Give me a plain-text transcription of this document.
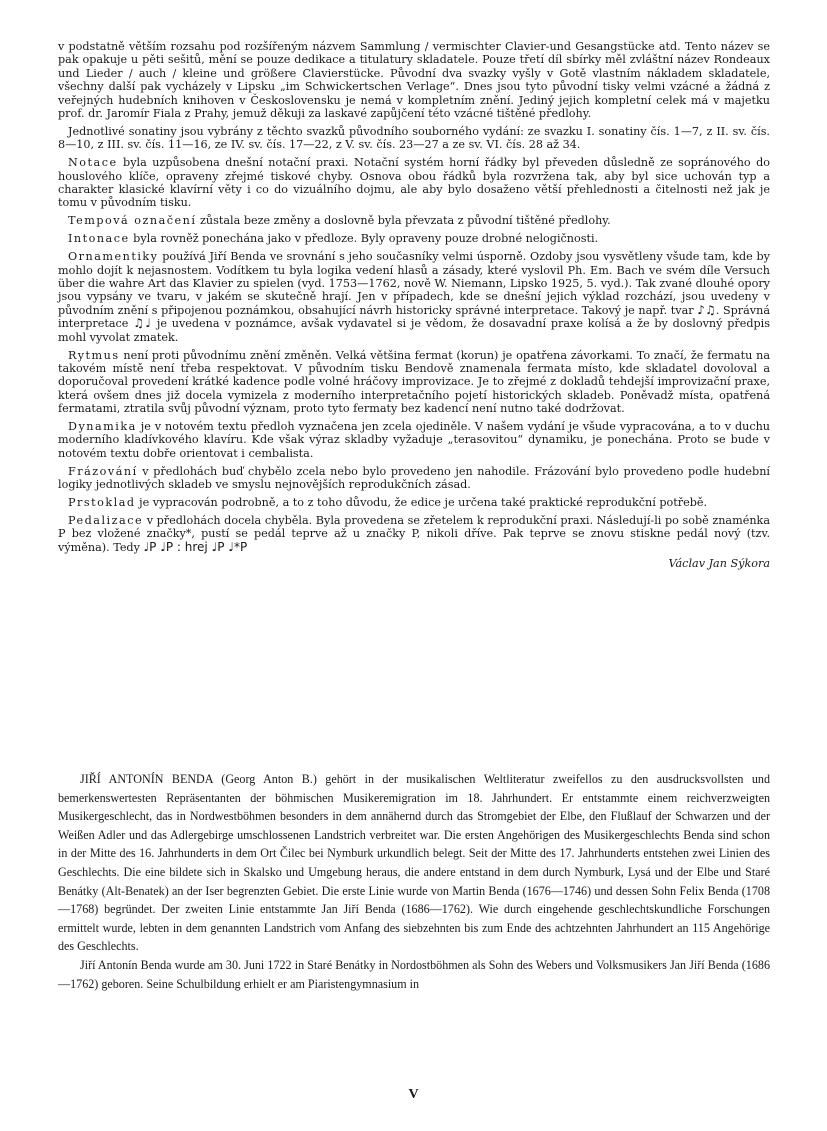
v podstatně větším rozsahu pod rozšířeným názvem Sammlung / vermischter Clavier-und Gesangstücke atd. Tento název se pak opakuje u pěti sešitů, mění se pouze dedikace a titulatury skladatele. Pouze třetí díl sbírky měl zvláštní název Rondeaux und Lieder / auch / kleine und größere Clavierstücke. Původní dva svazky vyšly v Gotě vlastním nákladem skladatele, všechny další pak vycházely v Lipsku „im Schwickertschen Verlage“. Dnes jsou tyto původní tisky velmi vzácné a žádná z veřejných hudebních knihoven v Československu je nemá v kompletním znění. Jediný jejich kompletní celek má v majetku prof. dr. Jaromír Fiala z Prahy, jemuž děkuji za laskavé zapůjčení této vzácné tištěné předlohy.

Jednotlivé sonatiny jsou vybrány z těchto svazků původního souborného vydání: ze svazku I. sonatiny čís. 1—7, z II. sv. čís. 8—10, z III. sv. čís. 11—16, ze IV. sv. čís. 17—22, z V. sv. čís. 23—27 a ze sv. VI. čís. 28 až 34.

Notace byla uzpůsobena dnešní notační praxi. Notační systém horní řádky byl převeden důsledně ze sopránového do houslového klíče, opraveny zřejmé tiskové chyby. Osnova obou řádků byla rozvržena tak, aby byl sice uchován typ a charakter klasické klavírní věty i co do vizuálního dojmu, ale aby bylo dosaženo větší přehlednosti a čitelnosti než jak je tomu v původním tisku.

Tempová označení zůstala beze změny a doslovně byla převzata z původní tištěné předlohy.

Intonace byla rovněž ponechána jako v předloze. Byly opraveny pouze drobné nelogičnosti.

Ornamentiky používá Jiří Benda ve srovnání s jeho současníky velmi úsporně. Ozdoby jsou vysvětleny všude tam, kde by mohlo dojít k nejasnostem. Vodítkem tu byla logika vedení hlasů a zásady, které vyslovil Ph. Em. Bach ve svém díle Versuch über die wahre Art das Klavier zu spielen (vyd. 1753—1762, nově W. Niemann, Lipsko 1925, 5. vyd.). Tak zvané dlouhé opory jsou vypsány ve tvaru, v jakém se skutečně hrají. Jen v případech, kde se dnešní jejich výklad rozchází, jsou uvedeny v původním znění s připojenou poznámkou, obsahující návrh historicky správné interpretace. Takový je např. tvar ♪♫. Správná interpretace ♫♩ je uvedena v poznámce, avšak vydavatel si je vědom, že dosavadní praxe kolísá a že by doslovný předpis mohl vyvolat zmatek.

Rytmus není proti původnímu znění změněn. Velká většina fermat (korun) je opatřena závorkami. To značí, že fermatu na takovém místě není třeba respektovat. V původním tisku Bendově znamenala fermata místo, kde skladatel dovoloval a doporučoval provedení krátké kadence podle volné hráčovy improvizace. Je to zřejmé z dokladů tehdejší improvizační praxe, která ovšem dnes již docela vymizela z moderního interpretačního pojetí historických skladeb. Poněvadž místa, opatřená fermatami, ztratila svůj původní význam, proto tyto fermaty bez kadencí není nutno také dodržovat.

Dynamika je v notovém textu předloh vyznačena jen zcela ojediněle. V našem vydání je všude vypracována, a to v duchu moderního kladívkového klavíru. Kde však výraz skladby vyžaduje „terasovitou“ dynamiku, je ponechána. Proto se bude v notovém textu dobře orientovat i cembalista.

Frázování v předlohách buď chybělo zcela nebo bylo provedeno jen nahodile. Frázování bylo provedeno podle hudební logiky jednotlivých skladeb ve smyslu nejnovějších reprodukčních zásad.

Prstoklad je vypracován podrobně, a to z toho důvodu, že edice je určena také praktické reprodukční potřebě.

Pedalizace v předlohách docela chyběla. Byla provedena se zřetelem k reprodukční praxi. Následují-li po sobě znaménka P bez vložené značky*, pustí se pedál teprve až u značky P, nikoli dříve. Pak teprve se znovu stiskne pedál nový (tzv. výměna). Tedy ♩P ♩P : hrej ♩P ♩*P

Václav Jan Sýkora

JIŘÍ ANTONÍN BENDA (Georg Anton B.) gehört in der musikalischen Weltliteratur zweifellos zu den ausdrucksvollsten und bemerkenswertesten Repräsentanten der böhmischen Musikeremigration im 18. Jahrhundert. Er entstammte einem reichverzweigten Musikergeschlecht, das in Nordwestböhmen besonders in dem annähernd durch das Stromgebiet der Elbe, den Flußlauf der Schwarzen und der Weißen Adler und das Adlergebirge umschlossenen Landstrich verbreitet war. Die ersten Angehörigen des Musikergeschlechts Benda sind schon in der Mitte des 16. Jahrhunderts in dem Ort Čilec bei Nymburk urkundlich belegt. Seit der Mitte des 17. Jahrhunderts entstehen zwei Linien des Geschlechts. Die eine bildete sich in Skalsko und Umgebung heraus, die andere entstand in dem durch Nymburk, Lysá und der Elbe und Staré Benátky (Alt-Benatek) an der Iser begrenzten Gebiet. Die erste Linie wurde von Martin Benda (1676—1746) und dessen Sohn Felix Benda (1708—1768) begründet. Der zweiten Linie entstammte Jan Jiří Benda (1686—1762). Wie durch eingehende geschlechtskundliche Forschungen ermittelt wurde, lebten in dem genannten Landstrich vom Anfang des siebzehnten bis zum Ende des achtzehnten Jahrhundert an 115 Angehörige des Geschlechts.

Jiří Antonín Benda wurde am 30. Juni 1722 in Staré Benátky in Nordostböhmen als Sohn des Webers und Volksmusikers Jan Jiří Benda (1686—1762) geboren. Seine Schulbildung erhielt er am Piaristengymnasium in

V
